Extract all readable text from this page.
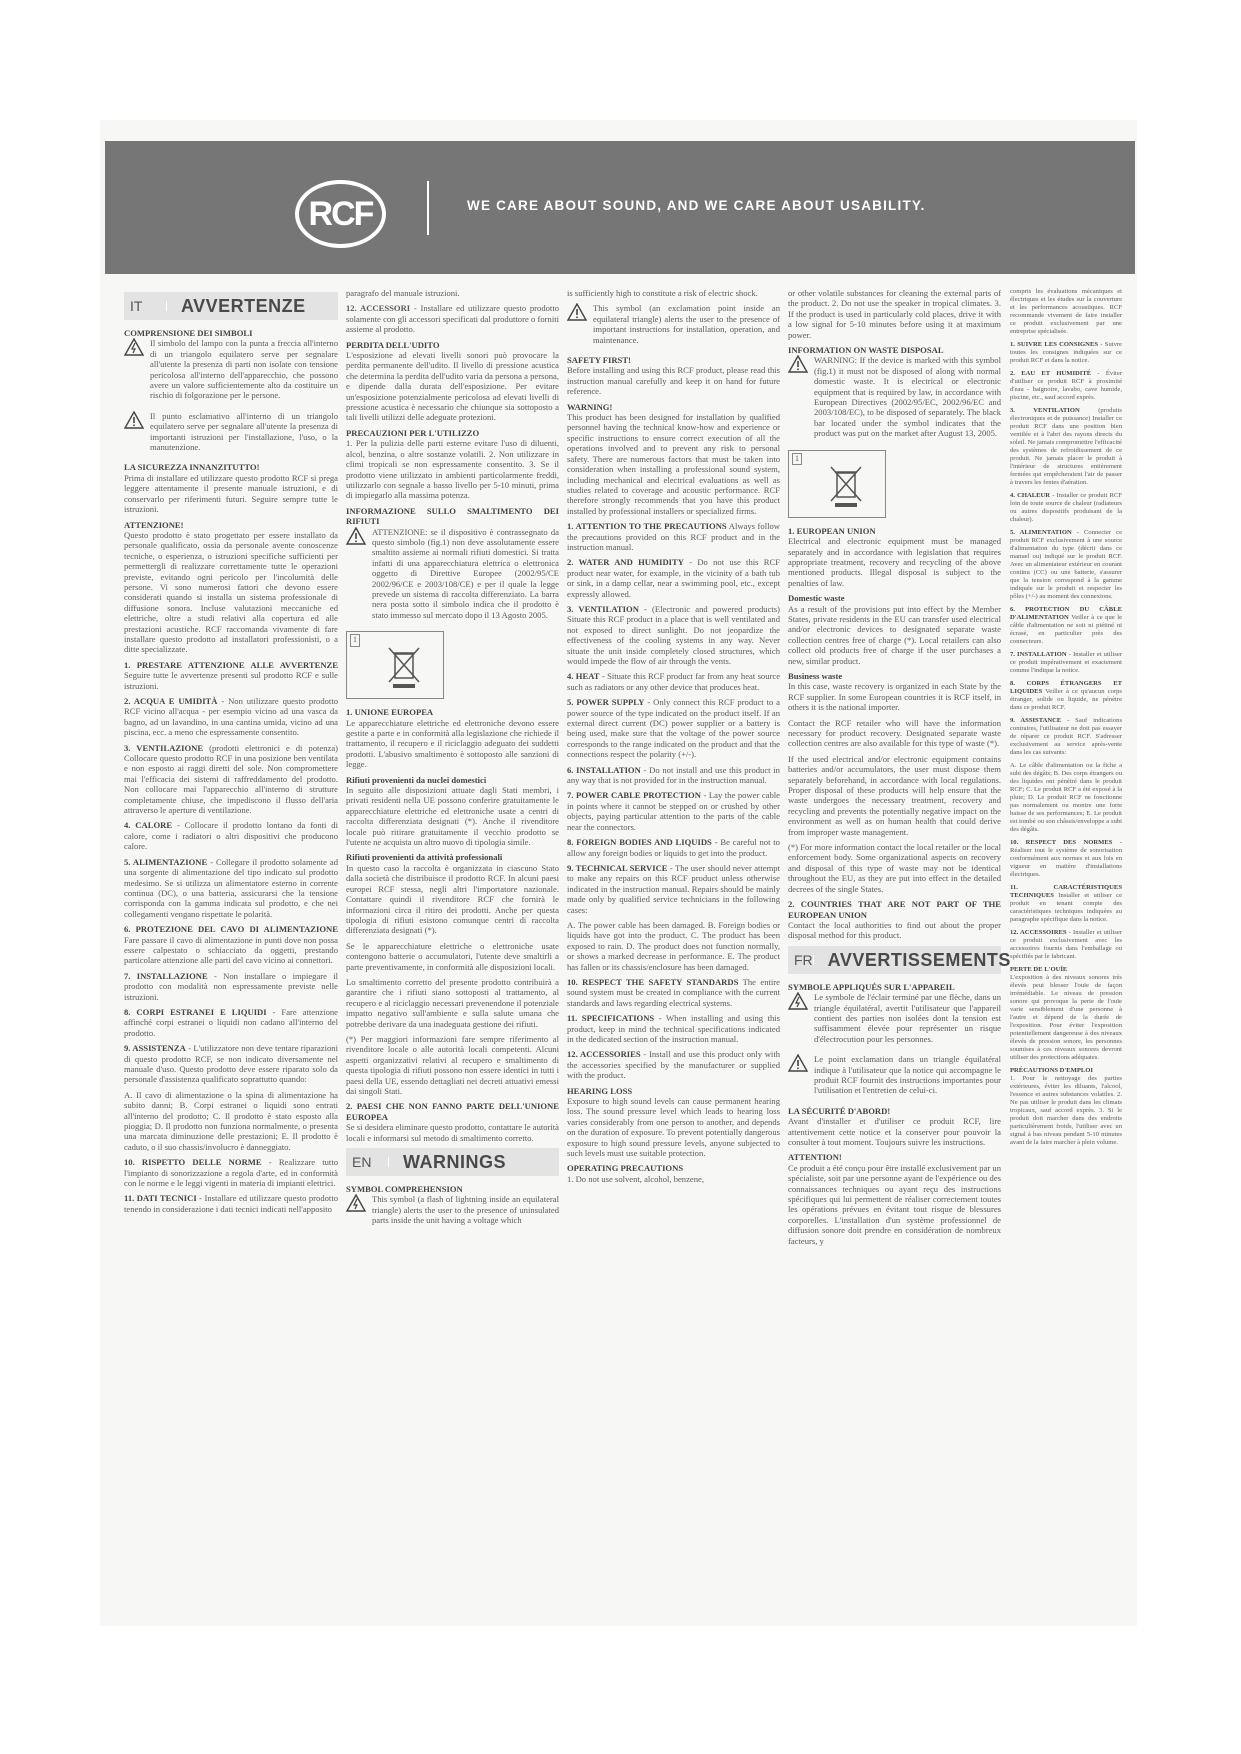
RCF	WE CARE ABOUT SOUND, AND WE CARE ABOUT USABILITY.
IT	AVVERTENZE

COMPRENSIONE DEI SIMBOLI

Il simbolo del lampo con la punta a freccia all'interno di un triangolo equilatero serve per segnalare all'utente la presenza di parti non isolate con tensione pericolosa all'interno dell'apparecchio, che possono avere un valore sufficientemente alto da costituire un rischio di folgorazione per le persone.

Il punto esclamativo all'interno di un triangolo equilatero serve per segnalare all'utente la presenza di importanti istruzioni per l'installazione, l'uso, o la manutenzione.

LA SICUREZZA INNANZITUTTO!

Prima di installare ed utilizzare questo prodotto RCF si prega leggere attentamente il presente manuale istruzioni, e di conservarlo per riferimenti futuri. Seguire sempre tutte le istruzioni.

ATTENZIONE!

Questo prodotto è stato progettato per essere installato da personale qualificato, ossia da personale avente conoscenze tecniche, o esperienza, o istruzioni specifiche sufficienti per permettergli di realizzare correttamente tutte le operazioni previste, evitando ogni pericolo per l'incolumità delle persone. Vi sono numerosi fattori che devono essere considerati quando si installa un sistema professionale di diffusione sonora. Incluse valutazioni meccaniche ed elettriche, oltre a studi relativi alla copertura ed alle prestazioni acustiche. RCF raccomanda vivamente di fare installare questo prodotto ad installatori professionisti, o a ditte specializzate.

1. PRESTARE ATTENZIONE ALLE AVVERTENZE Seguire tutte le avvertenze presenti sul prodotto RCF e sulle istruzioni.
2. ACQUA E UMIDITÀ - Non utilizzare questo prodotto RCF vicino all'acqua - per esempio vicino ad una vasca da bagno, ad un lavandino, in una cantina umida, vicino ad una piscina, ecc. a meno che espressamente consentito.
3. VENTILAZIONE (prodotti elettronici e di potenza) Collocare questo prodotto RCF in una posizione ben ventilata e non esposto ai raggi diretti del sole. Non compromettere mai l'efficacia dei sistemi di raffreddamento del prodotto. Non collocare mai l'apparecchio all'interno di strutture completamente chiuse, che impediscono il flusso dell'aria attraverso le aperture di ventilazione.
4. CALORE - Collocare il prodotto lontano da fonti di calore, come i radiatori o altri dispositivi che producono calore.
5. ALIMENTAZIONE - Collegare il prodotto solamente ad una sorgente di alimentazione del tipo indicato sul prodotto medesimo. Se si utilizza un alimentatore esterno in corrente continua (DC), o una batteria, assicurarsi che la tensione corrisponda con la gamma indicata sul prodotto, e che nei collegamenti vengano rispettate le polarità.
6. PROTEZIONE DEL CAVO DI ALIMENTAZIONE Fare passare il cavo di alimentazione in punti dove non possa essere calpestato o schiacciato da oggetti, prestando particolare attenzione alle parti del cavo vicino ai connettori.
7. INSTALLAZIONE - Non installare o impiegare il prodotto con modalità non espressamente previste nelle istruzioni.
8. CORPI ESTRANEI E LIQUIDI - Fare attenzione affinché corpi estranei o liquidi non cadano all'interno del prodotto.
9. ASSISTENZA - L'utilizzatore non deve tentare riparazioni di questo prodotto RCF, se non indicato diversamente nel manuale d'uso. Questo prodotto deve essere riparato solo da personale d'assistenza qualificato soprattutto quando:

A. Il cavo di alimentazione o la spina di alimentazione ha subito danni; B. Corpi estranei o liquidi sono entrati all'interno del prodotto; C. Il prodotto è stato esposto alla pioggia; D. Il prodotto non funziona normalmente, o presenta una marcata diminuzione delle prestazioni; E. Il prodotto è caduto, o il suo chassis/involucro è danneggiato.

10. RISPETTO DELLE NORME - Realizzare tutto l'impianto di sonorizzazione a regola d'arte, ed in conformità con le norme e le leggi vigenti in materia di impianti elettrici.
11. DATI TECNICI - Installare ed utilizzare questo prodotto tenendo in considerazione i dati tecnici indicati nell'apposito

paragrafo del manuale istruzioni.

12. ACCESSORI - Installare ed utilizzare questo prodotto solamente con gli accessori specificati dal produttore o forniti assieme al prodotto.

PERDITA DELL'UDITO

L'esposizione ad elevati livelli sonori può provocare la perdita permanente dell'udito. Il livello di pressione acustica che determina la perdita dell'udito varia da persona a persona, e dipende dalla durata dell'esposizione. Per evitare un'esposizione potenzialmente pericolosa ad elevati livelli di pressione acustica è necessario che chiunque sia sottoposto a tali livelli utilizzi delle adeguate protezioni.

PRECAUZIONI PER L'UTILIZZO

1. Per la pulizia delle parti esterne evitare l'uso di diluenti, alcol, benzina, o altre sostanze volatili. 2. Non utilizzare in climi tropicali se non espressamente consentito. 3. Se il prodotto viene utilizzato in ambienti particolarmente freddi, utilizzarlo con segnale a basso livello per 5-10 minuti, prima di impiegarlo alla massima potenza.

INFORMAZIONE SULLO SMALTIMENTO DEI RIFIUTI

ATTENZIONE: se il dispositivo è contrassegnato da questo simbolo (fig.1) non deve assolutamente essere smaltito assieme ai normali rifiuti domestici. Si tratta infatti di una apparecchiatura elettrica o elettronica oggetto di Direttive Europee (2002/95/CE 2002/96/CE e 2003/108/CE) e per il quale la legge prevede un sistema di raccolta differenziato. La barra nera posta sotto il simbolo indica che il prodotto è stato immesso sul mercato dopo il 13 Agosto 2005.

1

1. UNIONE EUROPEA

Le apparecchiature elettriche ed elettroniche devono essere gestite a parte e in conformità alla legislazione che richiede il trattamento, il recupero e il riciclaggio adeguato dei suddetti prodotti. L'abusivo smaltimento è sottoposto alle sanzioni di legge.

Rifiuti provenienti da nuclei domestici

In seguito alle disposizioni attuate dagli Stati membri, i privati residenti nella UE possono conferire gratuitamente le apparecchiature elettriche ed elettroniche usate a centri di raccolta differenziata designati (*). Anche il rivenditore locale può ritirare gratuitamente il vecchio prodotto se l'utente ne acquista un altro nuovo di tipologia simile.

Rifiuti provenienti da attività professionali

In questo caso la raccolta è organizzata in ciascuno Stato dalla società che distribuisce il prodotto RCF. In alcuni paesi europei RCF stessa, negli altri l'importatore nazionale. Contattare quindi il rivenditore RCF che fornirà le informazioni circa il ritiro dei prodotti. Anche per questa tipologia di rifiuti esistono comunque centri di raccolta differenziata designati (*).

Se le apparecchiature elettriche o elettroniche usate contengono batterie o accumulatori, l'utente deve smaltirli a parte preventivamente, in conformità alle disposizioni locali.

Lo smaltimento corretto del presente prodotto contribuirà a garantire che i rifiuti siano sottoposti al trattamento, al recupero e al riciclaggio necessari prevenendone il potenziale impatto negativo sull'ambiente e sulla salute umana che potrebbe derivare da una inadeguata gestione dei rifiuti.

(*) Per maggiori informazioni fare sempre riferimento al rivenditore locale o alle autorità locali competenti. Alcuni aspetti organizzativi relativi al recupero e smaltimento di questa tipologia di rifiuti possono non essere identici in tutti i paesi della UE, essendo dettagliati nei decreti attuativi emessi dai singoli Stati.

2. PAESI CHE NON FANNO PARTE DELL'UNIONE EUROPEA

Se si desidera eliminare questo prodotto, contattare le autorità locali e informarsi sul metodo di smaltimento corretto.

EN	WARNINGS

SYMBOL COMPREHENSION

This symbol (a flash of lightning inside an equilateral triangle) alerts the user to the presence of uninsulated parts inside the unit having a voltage which

is sufficiently high to constitute a risk of electric shock.

This symbol (an exclamation point inside an equilateral triangle) alerts the user to the presence of important instructions for installation, operation, and maintenance.

SAFETY FIRST!

Before installing and using this RCF product, please read this instruction manual carefully and keep it on hand for future reference.

WARNING!

This product has been designed for installation by qualified personnel having the technical know-how and experience or specific instructions to ensure correct execution of all the operations involved and to prevent any risk to personal safety. There are numerous factors that must be taken into consideration when installing a professional sound system, including mechanical and electrical evaluations as well as studies related to coverage and acoustic performance. RCF therefore strongly recommends that you have this product installed by professional installers or specialized firms.

1. ATTENTION TO THE PRECAUTIONS Always follow the precautions provided on this RCF product and in the instruction manual.
2. WATER AND HUMIDITY - Do not use this RCF product near water, for example, in the vicinity of a bath tub or sink, in a damp cellar, near a swimming pool, etc., except expressly allowed.
3. VENTILATION - (Electronic and powered products) Situate this RCF product in a place that is well ventilated and not exposed to direct sunlight. Do not jeopardize the effectiveness of the cooling systems in any way. Never situate the unit inside completely closed structures, which would impede the flow of air through the vents.
4. HEAT - Situate this RCF product far from any heat source such as radiators or any other device that produces heat.
5. POWER SUPPLY - Only connect this RCF product to a power source of the type indicated on the product itself. If an external direct current (DC) power supplier or a battery is being used, make sure that the voltage of the power source corresponds to the range indicated on the product and that the connections respect the polarity (+/-).
6. INSTALLATION - Do not install and use this product in any way that is not provided for in the instruction manual.
7. POWER CABLE PROTECTION - Lay the power cable in points where it cannot be stepped on or crushed by other objects, paying particular attention to the parts of the cable near the connectors.
8. FOREIGN BODIES AND LIQUIDS - Be careful not to allow any foreign bodies or liquids to get into the product.
9. TECHNICAL SERVICE - The user should never attempt to make any repairs on this RCF product unless otherwise indicated in the instruction manual. Repairs should be mainly made only by qualified service technicians in the following cases:

A. The power cable has been damaged. B. Foreign bodies or liquids have got into the product. C. The product has been exposed to rain. D. The product does not function normally, or shows a marked decrease in performance. E. The product has fallen or its chassis/enclosure has been damaged.

10. RESPECT THE SAFETY STANDARDS The entire sound system must be created in compliance with the current standards and laws regarding electrical systems.
11. SPECIFICATIONS - When installing and using this product, keep in mind the technical specifications indicated in the dedicated section of the instruction manual.
12. ACCESSORIES - Install and use this product only with the accessories specified by the manufacturer or supplied with the product.

HEARING LOSS

Exposure to high sound levels can cause permanent hearing loss. The sound pressure level which leads to hearing loss varies considerably from one person to another, and depends on the duration of exposure. To prevent potentially dangerous exposure to high sound pressure levels, anyone subjected to such levels must use suitable protection.

OPERATING PRECAUTIONS

1. Do not use solvent, alcohol, benzene,

or other volatile substances for cleaning the external parts of the product. 2. Do not use the speaker in tropical climates. 3. If the product is used in particularly cold places, drive it with a low signal for 5-10 minutes before using it at maximum power.

INFORMATION ON WASTE DISPOSAL

WARNING: If the device is marked with this symbol (fig.1) it must not be disposed of along with normal domestic waste. It is electrical or electronic equipment that is required by law, in accordance with European Directives (2002/95/EC, 2002/96/EC and 2003/108/EC), to be disposed of separately. The black bar located under the symbol indicates that the product was put on the market after August 13, 2005.

1

1. EUROPEAN UNION

Electrical and electronic equipment must be managed separately and in accordance with legislation that requires appropriate treatment, recovery and recycling of the above mentioned products. Illegal disposal is subject to the penalties of law.

Domestic waste

As a result of the provisions put into effect by the Member States, private residents in the EU can transfer used electrical and/or electronic devices to designated separate waste collection centres free of charge (*). Local retailers can also collect old products free of charge if the user purchases a new, similar product.

Business waste

In this case, waste recovery is organized in each State by the RCF supplier. In some European countries it is RCF itself, in others it is the national importer.

Contact the RCF retailer who will have the information necessary for product recovery. Designated separate waste collection centres are also available for this type of waste (*).

If the used electrical and/or electronic equipment contains batteries and/or accumulators, the user must dispose them separately beforehand, in accordance with local regulations. Proper disposal of these products will help ensure that the waste undergoes the necessary treatment, recovery and recycling and prevents the potentially negative impact on the environment as well as on human health that could derive from improper waste management.

(*) For more information contact the local retailer or the local enforcement body. Some organizational aspects on recovery and disposal of this type of waste may not be identical throughout the EU, as they are put into effect in the detailed decrees of the single States.

2. COUNTRIES THAT ARE NOT PART OF THE EUROPEAN UNION

Contact the local authorities to find out about the proper disposal method for this product.

FR AVVERTISSEMENTS

SYMBOLE APPLIQUÉS SUR L'APPAREIL

Le symbole de l'éclair terminé par une flèche, dans un triangle équilatéral, avertit l'utilisateur que l'appareil contient des parties non isolées dont la tension est suffisamment élevée pour représenter un risque d'électrocution pour les personnes.

Le point exclamation dans un triangle équilatéral indique à l'utilisateur que la notice qui accompagne le produit RCF fournit des instructions importantes pour l'utilisation et l'entretien de celui-ci.

LA SÉCURITÉ D'ABORD!

Avant d'installer et d'utiliser ce produit RCF, lire attentivement cette notice et la conserver pour pouvoir la consulter à tout moment. Toujours suivre les instructions.

ATTENTION!

Ce produit a été conçu pour être installé exclusivement par un spécialiste, soit par une personne ayant de l'expérience ou des connaissances techniques ou ayant reçu des instructions spécifiques qui lui permettent de réaliser correctement toutes les opérations prévues en évitant tout risque de blessures corporelles. L'installation d'un système professionnel de diffusion sonore doit prendre en considération de nombreux facteurs, y

compris les évaluations mécaniques et électriques et les études sur la couverture et les performances acoustiques. RCF recommande vivement de faire installer ce produit exclusivement par une entreprise spécialisée.

1. SUIVRE LES CONSIGNES - Suivre toutes les consignes indiquées sur ce produit RCF et dans la notice.
2. EAU ET HUMIDITÉ - Éviter d'utiliser ce produit RCF à proximité d'eau - baignoire, lavabo, cave humide, piscine, etc., sauf accord exprès.
3. VENTILATION	(produits électroniques et de puissance) Installer ce produit RCF dans une position bien ventilée et à l'abri des rayons directs du soleil. Ne jamais compromettre l'efficacité des systèmes de refroidissement de ce produit. Ne jamais placer le produit à l'intérieur de structures entièrement fermées qui empêcheraient l'air de passer à travers les fentes d'aération.
4. CHALEUR - Installer ce produit RCF loin de toute source de chaleur (radiateurs ou autres dispositifs produisant de la chaleur).
5. ALIMENTATION - Connecter ce produit RCF exclusivement à une source d'alimentation du type (décrit dans ce manuel ou) indiqué sur le produit RCF. Avec un alimentateur extérieur en courant continu (CC) ou une batterie, s'assurer que la tension correspond à la gamme indiquée sur le produit et respecter les pôles (+/-) au moment des connexions.
6. PROTECTION DU CÂBLE D'ALIMENTATION Veiller à ce que le câble d'alimentation ne soit ni piétiné ni écrasé, en particulier près des connecteurs.
7. INSTALLATION - Installer et utiliser ce produit impérativement et exactement comme l'indique la notice.
8. CORPS ÉTRANGERS ET LIQUIDES Veiller à ce qu'aucun corps étranger, solide ou liquide, ne pénètre dans ce produit RCF.
9. ASSISTANCE - Sauf indications contraires, l'utilisateur ne doit pas essayer de réparer ce produit RCF. S'adresser exclusivement au service après-vente dans les cas suivants:

A. Le câble d'alimentation ou la fiche a subi des dégâts; B. Des corps étrangers ou des liquides ont pénétré dans le produit RCF; C. Le produit RCF a été exposé à la pluie; D. Le produit RCF ne fonctionne pas normalement ou montre une forte baisse de ses performances; E. Le produit est tombé ou son châssis/enveloppe a subi des dégâts.

10. RESPECT DES NORMES - Réaliser tout le système de sonorisation conformément aux normes et aux lois en vigueur en matière d'installations électriques.
11. CARACTÉRISTIQUES TECHNIQUES Installer et utiliser ce produit en tenant compte des caractéristiques techniques indiquées au paragraphe spécifique dans la notice.
12. ACCESSOIRES - Installer et utiliser ce produit exclusivement avec les accessoires fournis dans l'emballage ou spécifiés par le fabricant.

PERTE DE L'OUÏE

L'exposition à des niveaux sonores très élevés peut blesser l'ouïe de façon irrémédiable. Le niveau de pression sonore qui provoque la perte de l'ouïe varie sensiblement d'une personne à l'autre et dépend de la durée de l'exposition. Pour éviter l'exposition potentiellement dangereuse à des niveaux élevés de pression sonore, les personnes soumises à ces niveaux sonores devront utiliser des protections adéquates.

PRÉCAUTIONS D'EMPLOI

1. Pour le nettoyage des parties extérieures, éviter les diluants, l'alcool, l'essence et autres substances volatiles. 2. Ne pas utiliser le produit dans les climats tropicaux, sauf accord exprès. 3. Si le produit doit marcher dans des endroits particulièrement froids, l'utiliser avec un signal à bas niveau pendant 5-10 minutes avant de la faire marcher à plein volume.
